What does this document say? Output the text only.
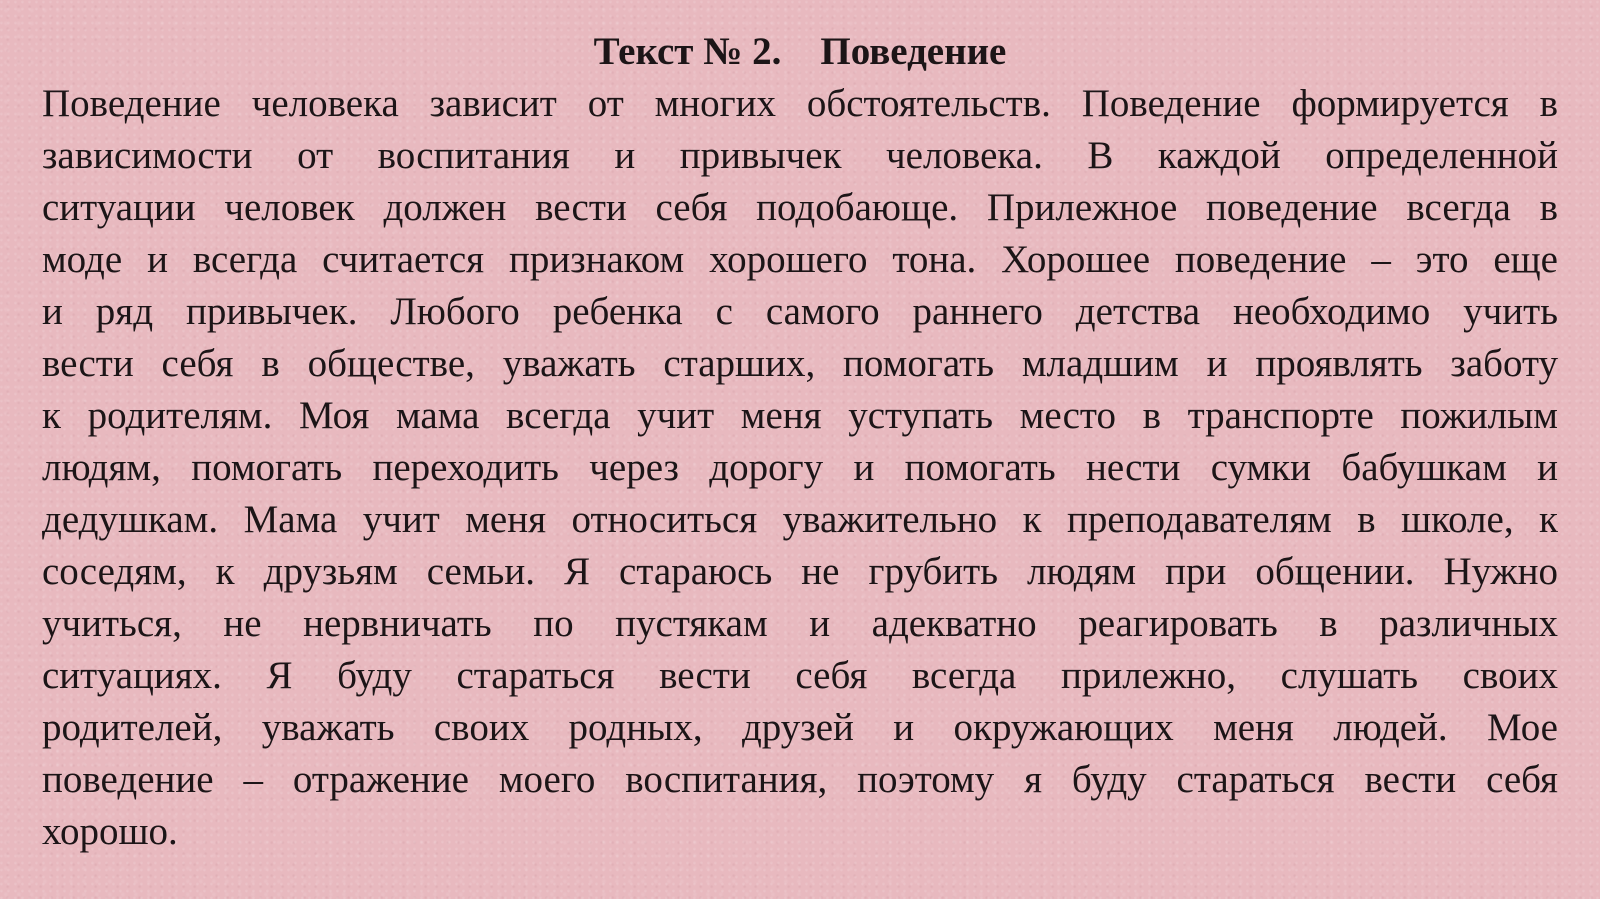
Текст № 2.    Поведение
Поведение человека зависит от многих обстоятельств. Поведение формируется в
зависимости от воспитания и привычек человека. В каждой определенной
ситуации человек должен вести себя подобающе. Прилежное поведение всегда в
моде и всегда считается признаком хорошего тона. Хорошее поведение – это еще
и ряд привычек. Любого ребенка с самого раннего детства необходимо учить
вести себя в обществе, уважать старших, помогать младшим и проявлять заботу
к родителям. Моя мама всегда учит меня уступать место в транспорте пожилым
людям, помогать переходить через дорогу и помогать нести сумки бабушкам и
дедушкам. Мама учит меня относиться уважительно к преподавателям в школе, к
соседям, к друзьям семьи. Я стараюсь не грубить людям при общении. Нужно
учиться, не нервничать по пустякам и адекватно реагировать в различных
ситуациях. Я буду стараться вести себя всегда прилежно, слушать своих
родителей, уважать своих родных, друзей и окружающих меня людей. Мое
поведение – отражение моего воспитания, поэтому я буду стараться вести себя
хорошо.
